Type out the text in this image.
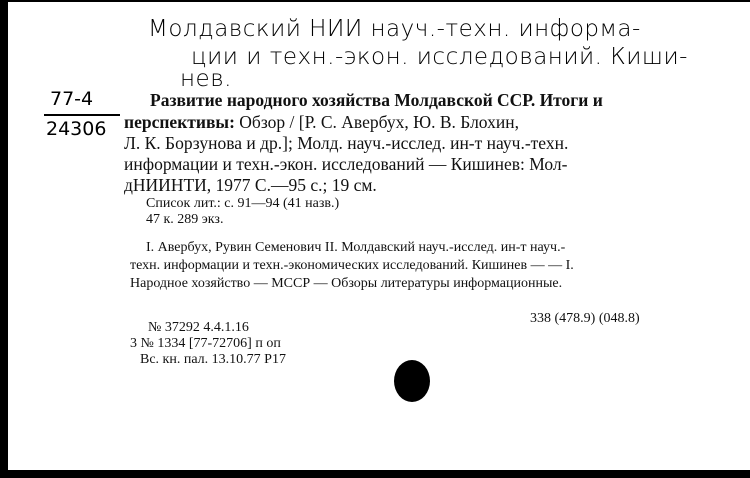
Молдавский НИИ науч.-техн. информа-
ции и техн.-экон. исследований. Киши-
нев.
77-4
24306
Развитие народного хозяйства Молдавской ССР. Итоги и
перспективы: Обзор / [Р. С. Авербух, Ю. В. Блохин,
Л. К. Борзунова и др.]; Молд. науч.-исслед. ин-т науч.-техн.
информации и техн.-экон. исследований — Кишинев: Мол-
дНИИНТИ, 1977 С.—95 с.; 19 см.
Список лит.: с. 91—94 (41 назв.)
47 к. 289 экз.
I. Авербух, Рувин Семенович II. Молдавский науч.-исслед. ин-т науч.-
техн. информации и техн.-экономических исследований. Кишинев — — I.
Народное хозяйство — МССР — Обзоры литературы информационные.
338 (478.9) (048.8)
№ 37292 4.4.1.16
3 № 1334 [77-72706] п оп
Вс. кн. пал. 13.10.77 Р17
